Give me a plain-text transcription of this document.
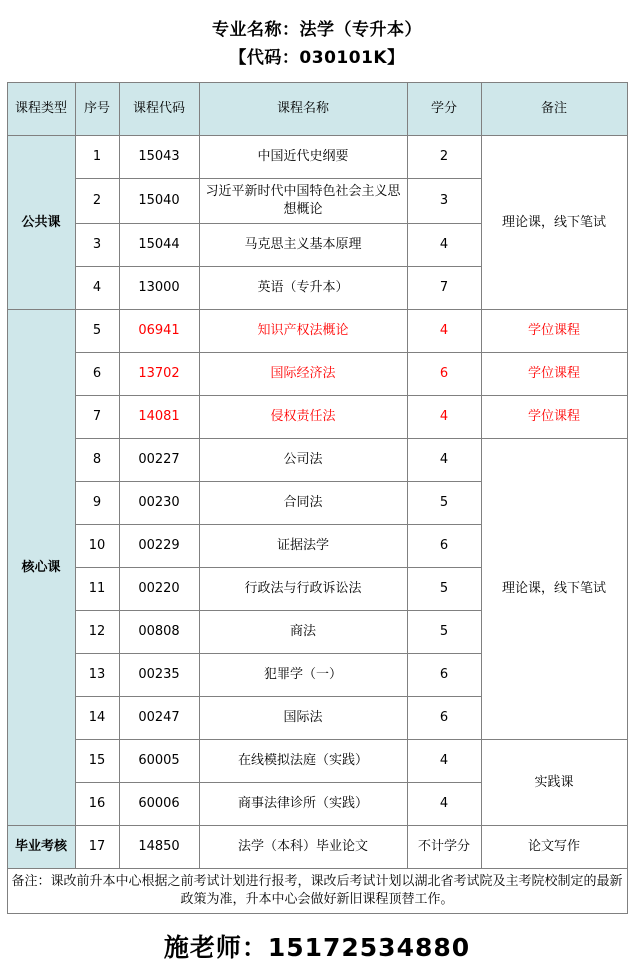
专业名称：法学（专升本）
【代码：030101K】
课程类型	序号	课程代码	课程名称	学分	备注
公共课	1	15043	中国近代史纲要	2	理论课，线下笔试
	2	15040	习近平新时代中国特色社会主义思想概论	3	
	3	15044	马克思主义基本原理	4	
	4	13000	英语（专升本）	7	
核心课	5	06941	知识产权法概论	4	学位课程
	6	13702	国际经济法	6	学位课程
	7	14081	侵权责任法	4	学位课程
	8	00227	公司法	4	理论课，线下笔试
	9	00230	合同法	5	
	10	00229	证据法学	6	
	11	00220	行政法与行政诉讼法	5	
	12	00808	商法	5	
	13	00235	犯罪学（一）	6	
	14	00247	国际法	6	
	15	60005	在线模拟法庭（实践）	4	实践课
	16	60006	商事法律诊所（实践）	4	
毕业考核	17	14850	法学（本科）毕业论文	不计学分	论文写作
备注：课改前升本中心根据之前考试计划进行报考，课改后考试计划以湖北省考试院及主考院校制定的最新政策为准，升本中心会做好新旧课程顶替工作。					
施老师：15172534880
